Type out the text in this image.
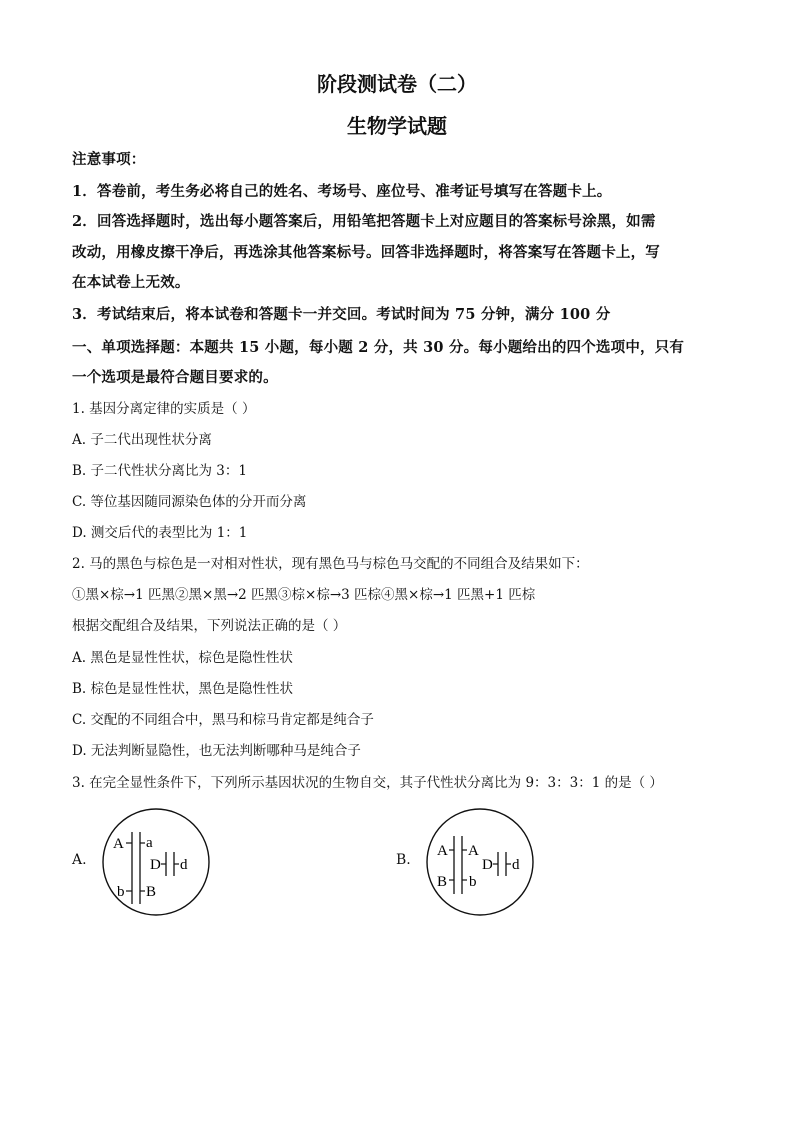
阶段测试卷（二）
生物学试题

注意事项：

1．答卷前，考生务必将自己的姓名、考场号、座位号、准考证号填写在答题卡上。

2．回答选择题时，选出每小题答案后，用铅笔把答题卡上对应题目的答案标号涂黑，如需

改动，用橡皮擦干净后，再选涂其他答案标号。回答非选择题时，将答案写在答题卡上，写

在本试卷上无效。

3．考试结束后，将本试卷和答题卡一并交回。考试时间为 75 分钟，满分 100 分

一、单项选择题：本题共 15 小题，每小题 2 分，共 30 分。每小题给出的四个选项中，只有

一个选项是最符合题目要求的。

1. 基因分离定律的实质是（ ）

A. 子二代出现性状分离

B. 子二代性状分离比为 3：1

C. 等位基因随同源染色体的分开而分离

D. 测交后代的表型比为 1：1

2. 马的黑色与棕色是一对相对性状，现有黑色马与棕色马交配的不同组合及结果如下：

①黑×棕→1 匹黑②黑×黑→2 匹黑③棕×棕→3 匹棕④黑×棕→1 匹黑+1 匹棕

根据交配组合及结果，下列说法正确的是（ ）

A. 黑色是显性性状，棕色是隐性性状

B. 棕色是显性性状，黑色是隐性性状

C. 交配的不同组合中，黑马和棕马肯定都是纯合子

D. 无法判断显隐性，也无法判断哪种马是纯合子

3. 在完全显性条件下，下列所示基因状况的生物自交，其子代性状分离比为 9：3：3：1 的是（ ）

A.
A a
D d
b B
B.
A
B
A
b
D d
